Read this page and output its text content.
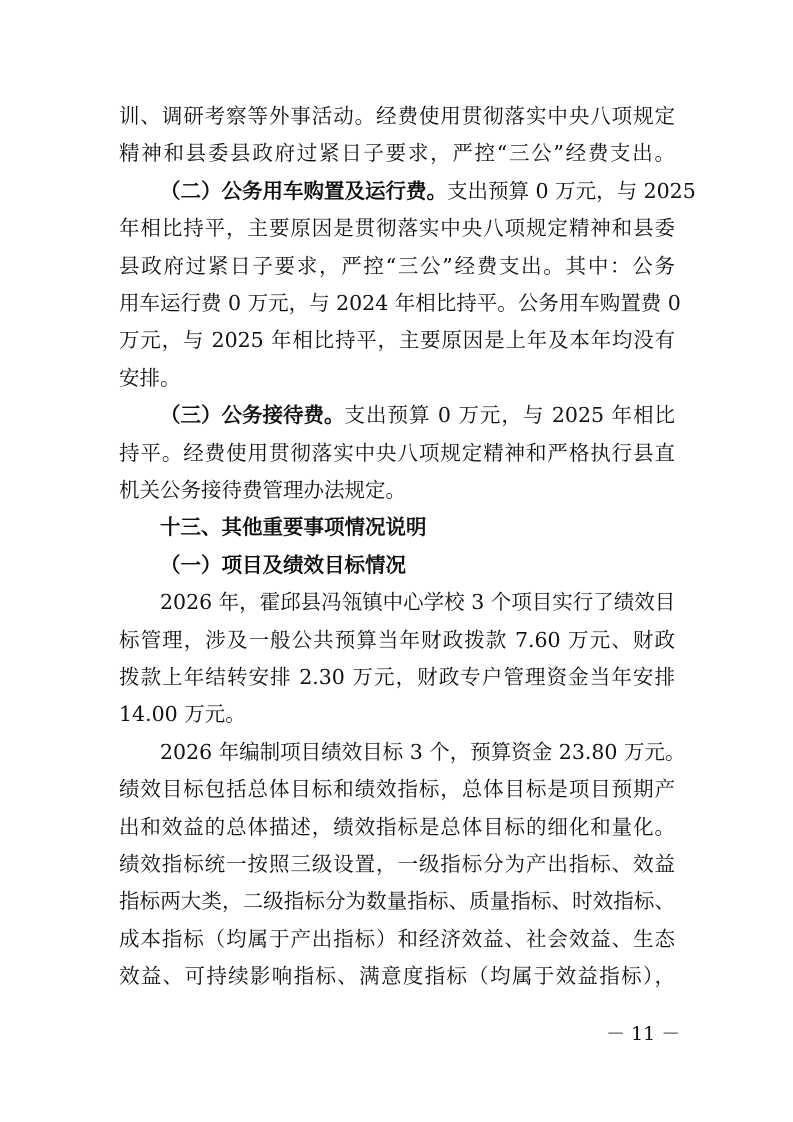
－ 11 －
训、调研考察等外事活动。经费使用贯彻落实中央八项规定
精神和县委县政府过紧日子要求，严控“三公”经费支出。
（二）公务用车购置及运行费。 支出预算 0 万元，与 2025
年相比持平，主要原因是贯彻落实中央八项规定精神和县委
县政府过紧日子要求，严控“三公”经费支出。其中：公务
用车运行费 0 万元，与 2024 年相比持平。公务用车购置费 0
万元，与 2025 年相比持平，主要原因是上年及本年均没有
安排。
（三）公务接待费。 支出预算 0 万元，与 2025 年相比
持平。经费使用贯彻落实中央八项规定精神和严格执行县直
机关公务接待费管理办法规定。
十三、其他重要事项情况说明
（一）项目及绩效目标情况
2026 年，霍邱县冯瓴镇中心学校 3 个项目实行了绩效目
标管理，涉及一般公共预算当年财政拨款 7.60 万元、财政
拨款上年结转安排 2.30 万元，财政专户管理资金当年安排
14.00 万元。
2026 年编制项目绩效目标 3 个，预算资金 23.80 万元。
绩效目标包括总体目标和绩效指标，总体目标是项目预期产
出和效益的总体描述，绩效指标是总体目标的细化和量化。
绩效指标统一按照三级设置，一级指标分为产出指标、效益
指标两大类，二级指标分为数量指标、质量指标、时效指标、
成本指标（均属于产出指标）和经济效益、社会效益、生态
效益、可持续影响指标、满意度指标（均属于效益指标），
